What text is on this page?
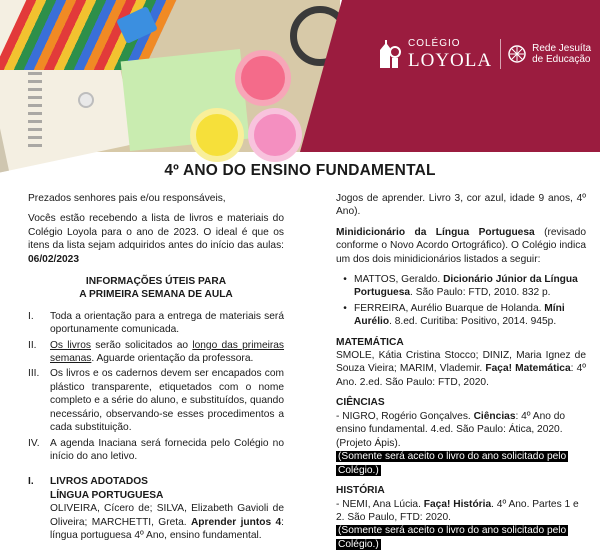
COLÉGIO
LOYOLA
Rede Jesuíta
de Educação
4º ANO DO ENSINO FUNDAMENTAL

Prezados senhores pais e/ou responsáveis,

Vocês estão recebendo a lista de livros e materiais do Colégio Loyola para o ano de 2023. O ideal é que os itens da lista sejam adquiridos antes do início das aulas: 06/02/2023

INFORMAÇÕES ÚTEIS PARA
A PRIMEIRA SEMANA DE AULA
I.	Toda a orientação para a entrega de materiais será oportunamente comunicada.
II.	Os livros serão solicitados ao longo das primeiras semanas. Aguarde orientação da professora.
III.	Os livros e os cadernos devem ser encapados com plástico transparente, etiquetados com o nome completo e a série do aluno, e substituídos, quando necessário, observando-se esses procedimentos a cada substituição.
IV.	A agenda Inaciana será fornecida pelo Colégio no início do ano letivo.
I.	LIVROS ADOTADOS
LÍNGUA PORTUGUESA

OLIVEIRA, Cícero de; SILVA, Elizabeth Gavioli de Oliveira; MARCHETTI, Greta. Aprender juntos 4: língua portuguesa 4º Ano, ensino fundamental.

Jogos de aprender. Livro 3, cor azul, idade 9 anos, 4º Ano).

Minidicionário da Língua Portuguesa (revisado conforme o Novo Acordo Ortográfico). O Colégio indica um dos dois minidicionários listados a seguir:

• MATTOS, Geraldo. Dicionário Júnior da Língua Portuguesa. São Paulo: FTD, 2010. 832 p.
• FERREIRA, Aurélio Buarque de Holanda. Míni Aurélio. 8.ed. Curitiba: Positivo, 2014. 945p.
MATEMÁTICA

SMOLE, Kátia Cristina Stocco; DINIZ, Maria Ignez de Souza Vieira; MARIM, Vlademir. Faça! Matemática: 4º Ano. 2.ed. São Paulo: FTD, 2020.

CIÊNCIAS
- NIGRO, Rogério Gonçalves. Ciências: 4º Ano do ensino fundamental. 4.ed. São Paulo: Ática, 2020. (Projeto Ápis).
(Somente será aceito o livro do ano solicitado pelo Colégio.)
HISTÓRIA
- NEMI, Ana Lúcia. Faça! História. 4º Ano. Partes 1 e 2. São Paulo, FTD: 2020.
(Somente será aceito o livro do ano solicitado pelo Colégio.)
